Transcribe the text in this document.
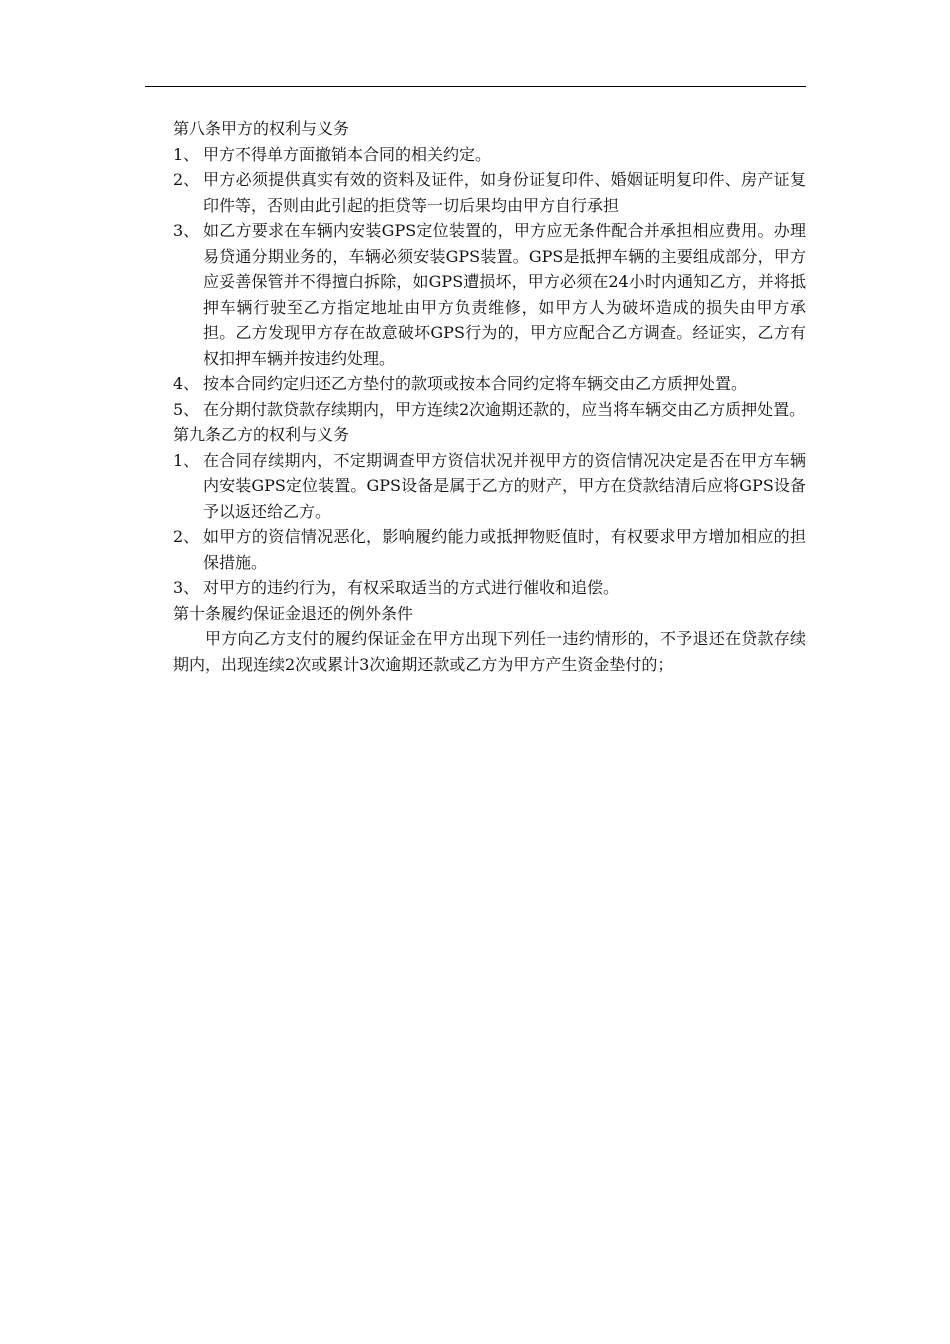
第八条甲方的权利与义务

1、 甲方不得单方面撤销本合同的相关约定。

2、 甲方必须提供真实有效的资料及证件，如身份证复印件、婚姻证明复印件、房产证复印件等，否则由此引起的拒贷等一切后果均由甲方自行承担

3、 如乙方要求在车辆内安装GPS定位装置的，甲方应无条件配合并承担相应费用。办理易贷通分期业务的，车辆必须安装GPS装置。GPS是抵押车辆的主要组成部分，甲方应妥善保管并不得擅白拆除，如GPS遭损坏，甲方必须在24小时内通知乙方，并将抵押车辆行驶至乙方指定地址由甲方负责维修，如甲方人为破坏造成的损失由甲方承担。乙方发现甲方存在故意破坏GPS行为的，甲方应配合乙方调查。经证实，乙方有权扣押车辆并按违约处理。

4、 按本合同约定归还乙方垫付的款项或按本合同约定将车辆交由乙方质押处置。

5、 在分期付款贷款存续期内，甲方连续2次逾期还款的，应当将车辆交由乙方质押处置。

第九条乙方的权利与义务

1、 在合同存续期内，不定期调查甲方资信状况并视甲方的资信情况决定是否在甲方车辆内安装GPS定位装置。GPS设备是属于乙方的财产，甲方在贷款结清后应将GPS设备予以返还给乙方。

2、 如甲方的资信情况恶化，影响履约能力或抵押物贬值时，有权要求甲方增加相应的担保措施。

3、 对甲方的违约行为，有权采取适当的方式进行催收和追偿。

第十条履约保证金退还的例外条件

甲方向乙方支付的履约保证金在甲方出现下列任一违约情形的，不予退还在贷款存续期内，出现连续2次或累计3次逾期还款或乙方为甲方产生资金垫付的；
